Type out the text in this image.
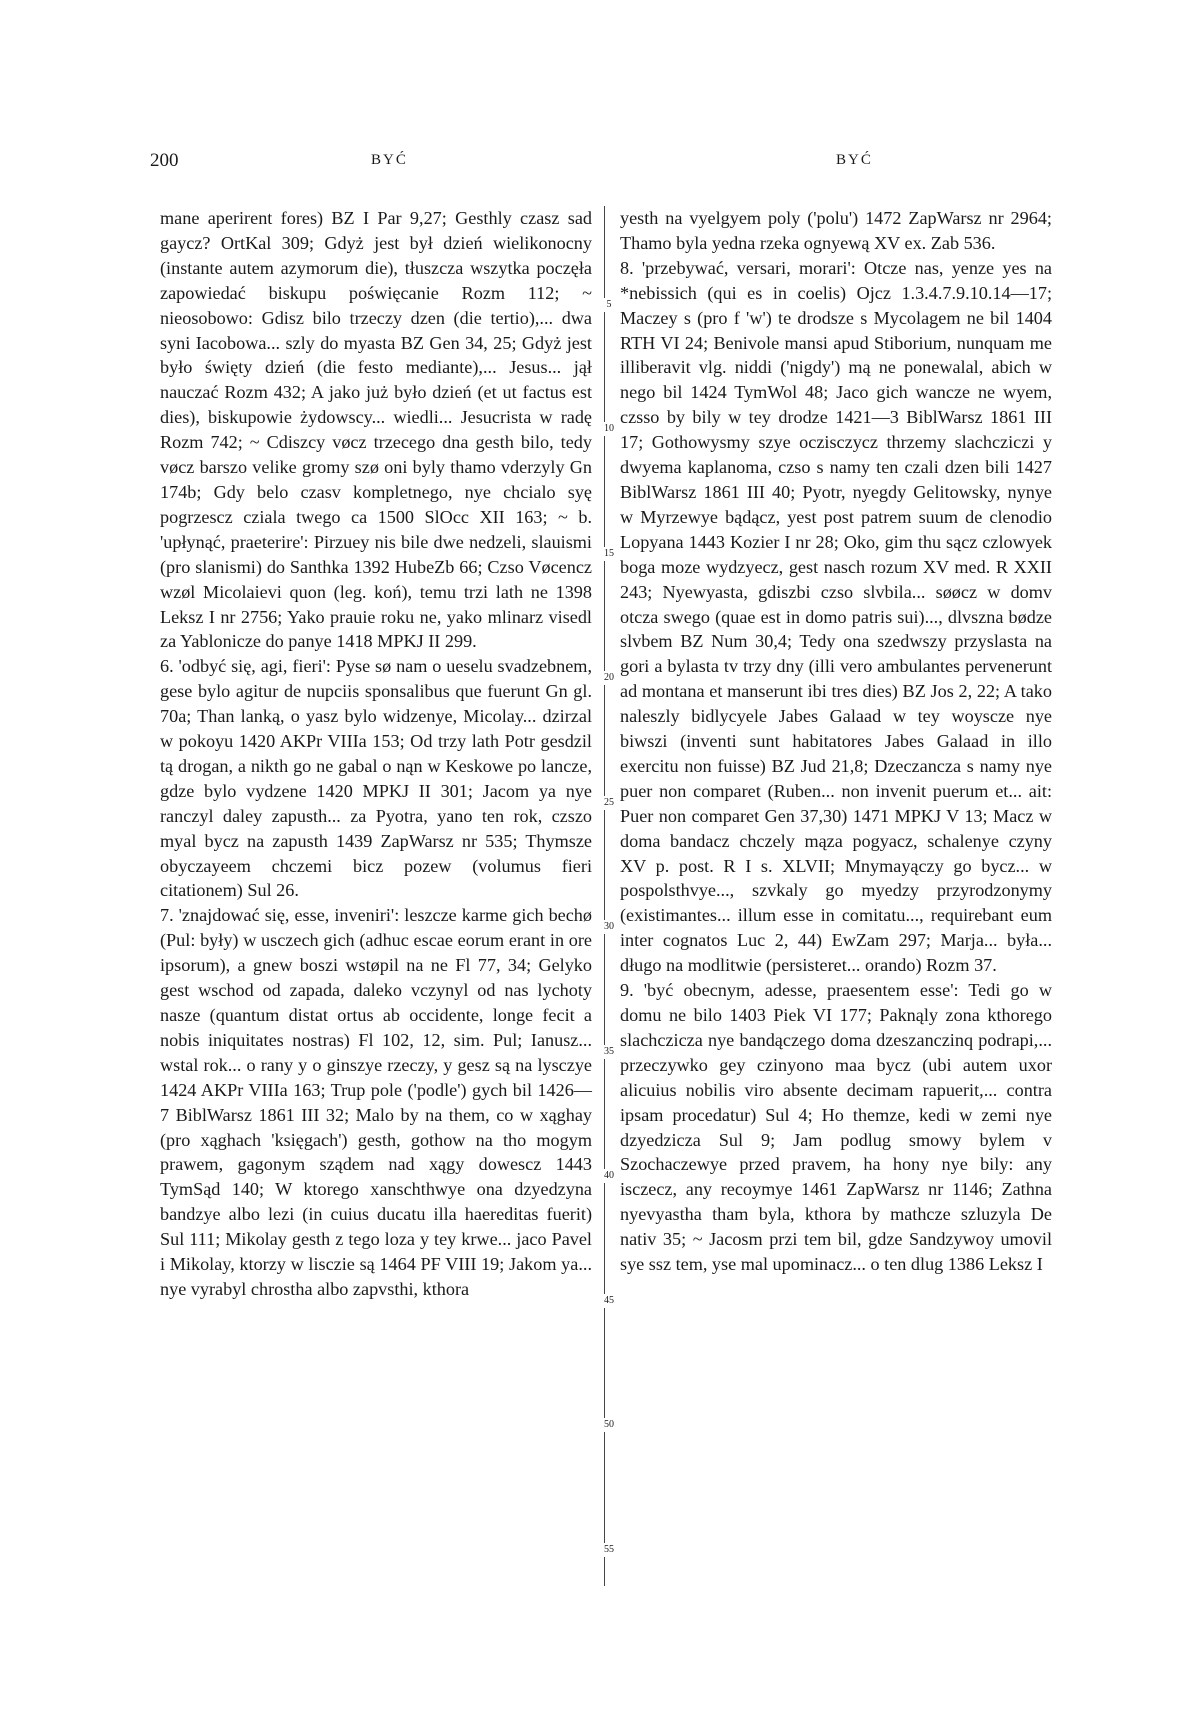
200	BYĆ	BYĆ

mane aperirent fores) BZ I Par 9,27; Gesthly czasz sad gaycz? OrtKal 309; Gdyż jest był dzień wielikonocny (instante autem azymorum die), tłuszcza wszytka poczęła zapowiedać biskupu poświęcanie Rozm 112; ~ nieosobowo: Gdisz bilo trzeczy dzen (die tertio),... dwa syni Iacobowa... szly do myasta BZ Gen 34, 25; Gdyż jest było święty dzień (die festo mediante),... Jesus... jął nauczać Rozm 432; A jako już było dzień (et ut factus est dies), biskupowie żydowscy... wiedli... Jesucrista w radę Rozm 742; ~ Cdiszcy vøcz trzecego dna gesth bilo, tedy vøcz barszo velike gromy szø oni byly thamo vderzyly Gn 174b; Gdy belo czasv kompletnego, nye chcialo syę pogrzescz cziala twego ca 1500 SlOcc XII 163; ~ b. 'upłynąć, praeterire': Pirzuey nis bile dwe nedzeli, slauismi (pro slanismi) do Santhka 1392 HubeZb 66; Czso Vøcencz wzøl Micolaievi quon (leg. koń), temu trzi lath ne 1398 Leksz I nr 2756; Yako prauie roku ne, yako mlinarz visedl za Yablonicze do panye 1418 MPKJ II 299.

6. 'odbyć się, agi, fieri': Pyse sø nam o ueselu svadzebnem, gese bylo agitur de nupciis sponsalibus que fuerunt Gn gl. 70a; Than lanką, o yasz bylo widzenye, Micolay... dzirzal w pokoyu 1420 AKPr VIIIa 153; Od trzy lath Potr gesdzil tą drogan, a nikth go ne gabal o nąn w Keskowe po lancze, gdze bylo vydzene 1420 MPKJ II 301; Jacom ya nye ranczyl daley zapusth... za Pyotra, yano ten rok, czszo myal bycz na zapusth 1439 ZapWarsz nr 535; Thymsze obyczayeem chczemi bicz pozew (volumus fieri citationem) Sul 26.

7. 'znajdować się, esse, inveniri': leszcze karme gich bechø (Pul: były) w usczech gich (adhuc escae eorum erant in ore ipsorum), a gnew boszi wstøpil na ne Fl 77, 34; Gelyko gest wschod od zapada, daleko vczynyl od nas lychoty nasze (quantum distat ortus ab occidente, longe fecit a nobis iniquitates nostras) Fl 102, 12, sim. Pul; Ianusz... wstal rok... o rany y o ginszye rzeczy, y gesz są na lysczye 1424 AKPr VIIIa 163; Trup pole ('podle') gych bil 1426—7 BiblWarsz 1861 III 32; Malo by na them, co w xąghay (pro xąghach 'księgach') gesth, gothow na tho mogym prawem, gagonym sządem nad xągy dowescz 1443 TymSąd 140; W ktorego xanschthwye ona dzyedzyna bandzye albo lezi (in cuius ducatu illa haereditas fuerit) Sul 111; Mikolay gesth z tego loza y tey krwe... jaco Pavel i Mikolay, ktorzy w lisczie są 1464 PF VIII 19; Jakom ya... nye vyrabyl chrostha albo zapvsthi, kthora

5
10
15
20
25
30
35
40
45
50
55

yesth na vyelgyem poly ('polu') 1472 ZapWarsz nr 2964; Thamo byla yedna rzeka ognyewą XV ex. Zab 536.

8. 'przebywać, versari, morari': Otcze nas, yenze yes na *nebissich (qui es in coelis) Ojcz 1.3.4.7.9.10.14—17; Maczey s (pro f 'w') te drodsze s Mycolagem ne bil 1404 RTH VI 24; Benivole mansi apud Stiborium, nunquam me illiberavit vlg. niddi ('nigdy') mą ne ponewalal, abich w nego bil 1424 TymWol 48; Jaco gich wancze ne wyem, czsso by bily w tey drodze 1421—3 BiblWarsz 1861 III 17; Gothowysmy szye oczisczycz thrzemy slachcziczi y dwyema kaplanoma, czso s namy ten czali dzen bili 1427 BiblWarsz 1861 III 40; Pyotr, nyegdy Gelitowsky, nynye w Myrzewye bądącz, yest post patrem suum de clenodio Lopyana 1443 Kozier I nr 28; Oko, gim thu sącz czlowyek boga moze wydzyecz, gest nasch rozum XV med. R XXII 243; Nyewyasta, gdiszbi czso slvbila... søøcz w domv otcza swego (quae est in domo patris sui)..., dlvszna bødze slvbem BZ Num 30,4; Tedy ona szedwszy przyslasta na gori a bylasta tv trzy dny (illi vero ambulantes pervenerunt ad montana et manserunt ibi tres dies) BZ Jos 2, 22; A tako naleszly bidlycyele Jabes Galaad w tey woyscze nye biwszi (inventi sunt habitatores Jabes Galaad in illo exercitu non fuisse) BZ Jud 21,8; Dzeczancza s namy nye puer non comparet (Ruben... non invenit puerum et... ait: Puer non comparet Gen 37,30) 1471 MPKJ V 13; Macz w doma bandacz chczely mąza pogyacz, schalenye czyny XV p. post. R I s. XLVII; Mnymayączy go bycz... w pospolsthvye..., szvkaly go myedzy przyrodzonymy (existimantes... illum esse in comitatu..., requirebant eum inter cognatos Luc 2, 44) EwZam 297; Marja... była... długo na modlitwie (persisteret... orando) Rozm 37.

9. 'być obecnym, adesse, praesentem esse': Tedi go w domu ne bilo 1403 Piek VI 177; Paknąly zona kthorego slachczicza nye bandączego doma dzeszanczinq podrapi,... przeczywko gey czinyono maa bycz (ubi autem uxor alicuius nobilis viro absente decimam rapuerit,... contra ipsam procedatur) Sul 4; Ho themze, kedi w zemi nye dzyedzicza Sul 9; Jam podlug smowy bylem v Szochaczewye przed pravem, ha hony nye bily: any isczecz, any recoymye 1461 ZapWarsz nr 1146; Zathna nyevyastha tham byla, kthora by mathcze szluzyla De nativ 35; ~ Jacosm przi tem bil, gdze Sandzywoy umovil sye ssz tem, yse mal upominacz... o ten dlug 1386 Leksz I
